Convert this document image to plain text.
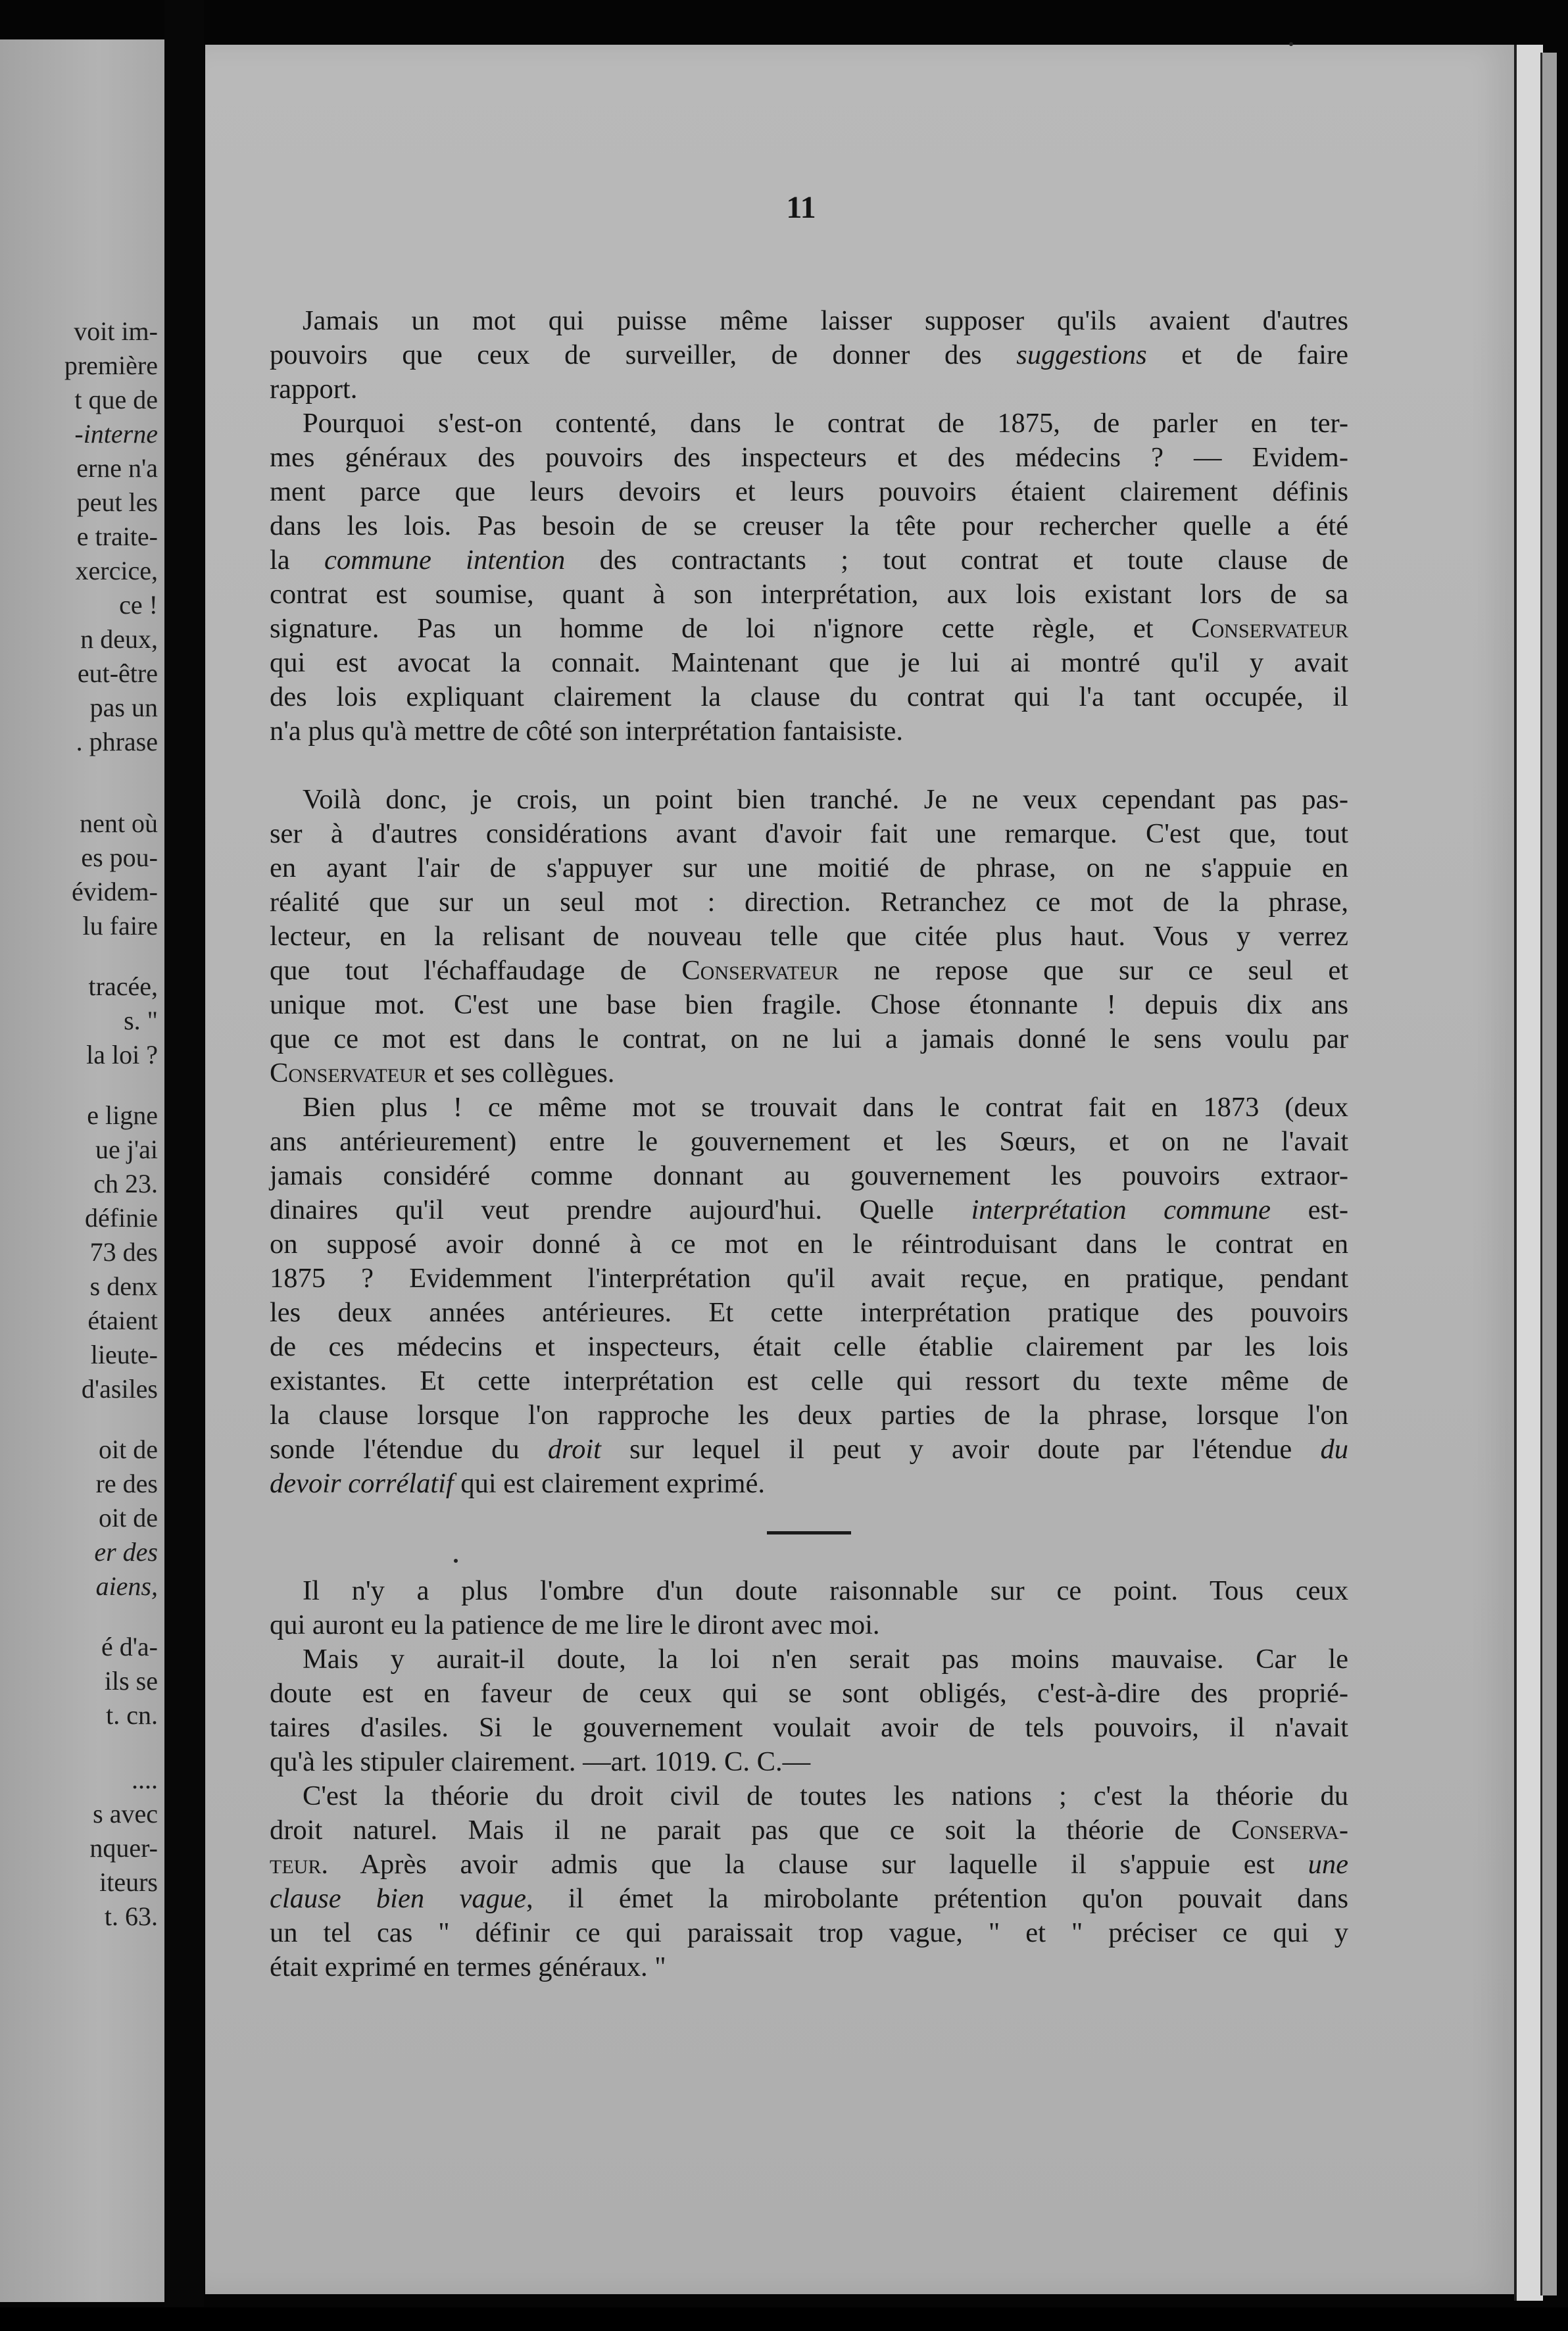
voit im-
première
t que de
-interne
erne n'a
peut les
e traite-
xercice,
ce !
n deux,
eut-être
pas un
. phrase
nent où
es pou-
évidem-
lu faire
tracée,
s. "
la loi ?
e ligne
ue j'ai
ch 23.
définie
73 des
s denx
étaient
lieute-
d'asiles
oit de
re des
oit de
er des
aiens,
é d'a-
ils se
t. cn.
....
s avec
nquer-
iteurs
t. 63.
11
Jamais un mot qui puisse même laisser supposer qu'ils avaient d'autres
pouvoirs que ceux de surveiller, de donner des suggestions et de faire
rapport.
Pourquoi s'est-on contenté, dans le contrat de 1875, de parler en ter-
mes généraux des pouvoirs des inspecteurs et des médecins ? — Evidem-
ment parce que leurs devoirs et leurs pouvoirs étaient clairement définis
dans les lois. Pas besoin de se creuser la tête pour rechercher quelle a été
la commune intention des contractants ; tout contrat et toute clause de
contrat est soumise, quant à son interprétation, aux lois existant lors de sa
signature. Pas un homme de loi n'ignore cette règle, et Conservateur
qui est avocat la connait. Maintenant que je lui ai montré qu'il y avait
des lois expliquant clairement la clause du contrat qui l'a tant occupée, il
n'a plus qu'à mettre de côté son interprétation fantaisiste.
Voilà donc, je crois, un point bien tranché. Je ne veux cependant pas pas-
ser à d'autres considérations avant d'avoir fait une remarque. C'est que, tout
en ayant l'air de s'appuyer sur une moitié de phrase, on ne s'appuie en
réalité que sur un seul mot : direction. Retranchez ce mot de la phrase,
lecteur, en la relisant de nouveau telle que citée plus haut. Vous y verrez
que tout l'échaffaudage de Conservateur ne repose que sur ce seul et
unique mot. C'est une base bien fragile. Chose étonnante ! depuis dix ans
que ce mot est dans le contrat, on ne lui a jamais donné le sens voulu par
Conservateur et ses collègues.
Bien plus ! ce même mot se trouvait dans le contrat fait en 1873 (deux
ans antérieurement) entre le gouvernement et les Sœurs, et on ne l'avait
jamais considéré comme donnant au gouvernement les pouvoirs extraor-
dinaires qu'il veut prendre aujourd'hui. Quelle interprétation commune est-
on supposé avoir donné à ce mot en le réintroduisant dans le contrat en
1875 ? Evidemment l'interprétation qu'il avait reçue, en pratique, pendant
les deux années antérieures. Et cette interprétation pratique des pouvoirs
de ces médecins et inspecteurs, était celle établie clairement par les lois
existantes. Et cette interprétation est celle qui ressort du texte même de
la clause lorsque l'on rapproche les deux parties de la phrase, lorsque l'on
sonde l'étendue du droit sur lequel il peut y avoir doute par l'étendue du
devoir corrélatif qui est clairement exprimé.
Il n'y a plus l'ombre d'un doute raisonnable sur ce point. Tous ceux
qui auront eu la patience de me lire le diront avec moi.
Mais y aurait-il doute, la loi n'en serait pas moins mauvaise. Car le
doute est en faveur de ceux qui se sont obligés, c'est-à-dire des proprié-
taires d'asiles. Si le gouvernement voulait avoir de tels pouvoirs, il n'avait
qu'à les stipuler clairement. —art. 1019. C. C.—
C'est la théorie du droit civil de toutes les nations ; c'est la théorie du
droit naturel. Mais il ne parait pas que ce soit la théorie de Conserva-
teur. Après avoir admis que la clause sur laquelle il s'appuie est une
clause bien vague, il émet la mirobolante prétention qu'on pouvait dans
un tel cas " définir ce qui paraissait trop vague, " et " préciser ce qui y
était exprimé en termes généraux. "
